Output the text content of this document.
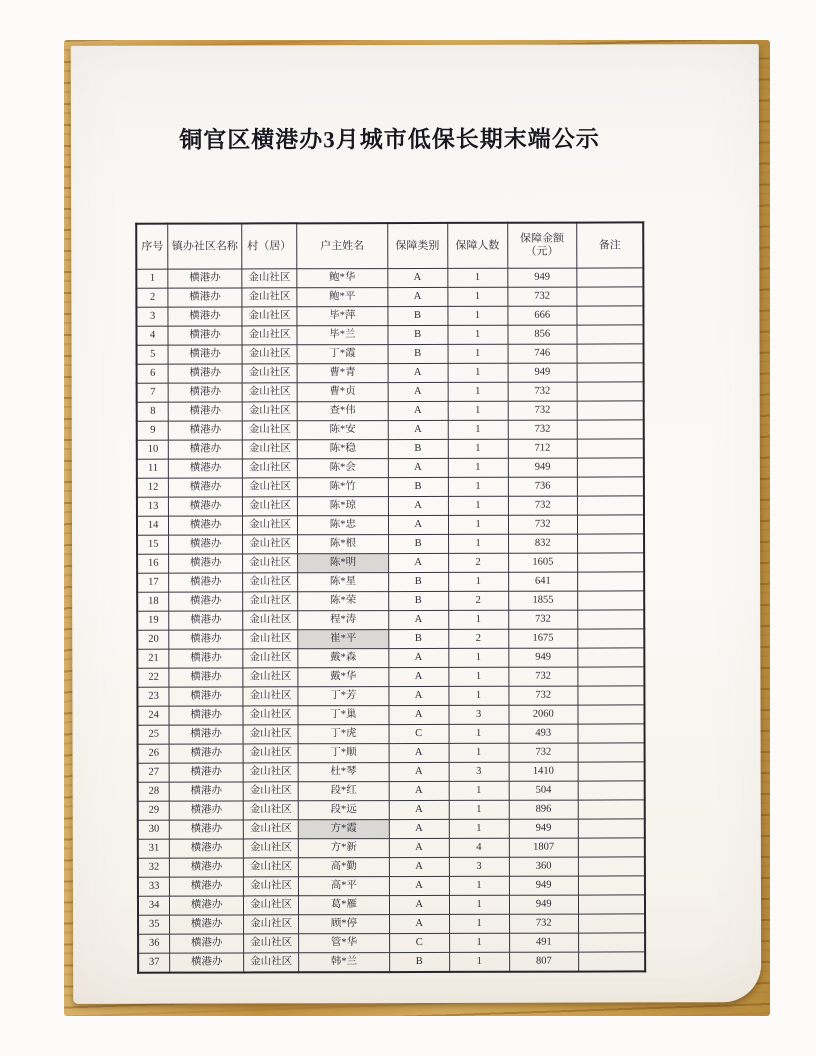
铜官区横港办3月城市低保长期末端公示
序号	镇办社区名称	村（居）	户主姓名	保障类别	保障人数	保障金额（元）	备注
1	横港办	金山社区	鲍*华	A	1	949	
2	横港办	金山社区	鲍*平	A	1	732	
3	横港办	金山社区	毕*萍	B	1	666	
4	横港办	金山社区	毕*兰	B	1	856	
5	横港办	金山社区	丁*霞	B	1	746	
6	横港办	金山社区	曹*青	A	1	949	
7	横港办	金山社区	曹*贞	A	1	732	
8	横港办	金山社区	查*伟	A	1	732	
9	横港办	金山社区	陈*安	A	1	732	
10	横港办	金山社区	陈*稳	B	1	712	
11	横港办	金山社区	陈*会	A	1	949	
12	横港办	金山社区	陈*竹	B	1	736	
13	横港办	金山社区	陈*琼	A	1	732	
14	横港办	金山社区	陈*忠	A	1	732	
15	横港办	金山社区	陈*根	B	1	832	
16	横港办	金山社区	陈*明	A	2	1605	
17	横港办	金山社区	陈*星	B	1	641	
18	横港办	金山社区	陈*荣	B	2	1855	
19	横港办	金山社区	程*涛	A	1	732	
20	横港办	金山社区	崔*平	B	2	1675	
21	横港办	金山社区	戴*森	A	1	949	
22	横港办	金山社区	戴*华	A	1	732	
23	横港办	金山社区	丁*芳	A	1	732	
24	横港办	金山社区	丁*巢	A	3	2060	
25	横港办	金山社区	丁*虎	C	1	493	
26	横港办	金山社区	丁*顺	A	1	732	
27	横港办	金山社区	杜*琴	A	3	1410	
28	横港办	金山社区	段*红	A	1	504	
29	横港办	金山社区	段*远	A	1	896	
30	横港办	金山社区	方*霞	A	1	949	
31	横港办	金山社区	方*新	A	4	1807	
32	横港办	金山社区	高*勤	A	3	360	
33	横港办	金山社区	高*平	A	1	949	
34	横港办	金山社区	葛*雁	A	1	949	
35	横港办	金山社区	顾*停	A	1	732	
36	横港办	金山社区	管*华	C	1	491	
37	横港办	金山社区	韩*兰	B	1	807	
